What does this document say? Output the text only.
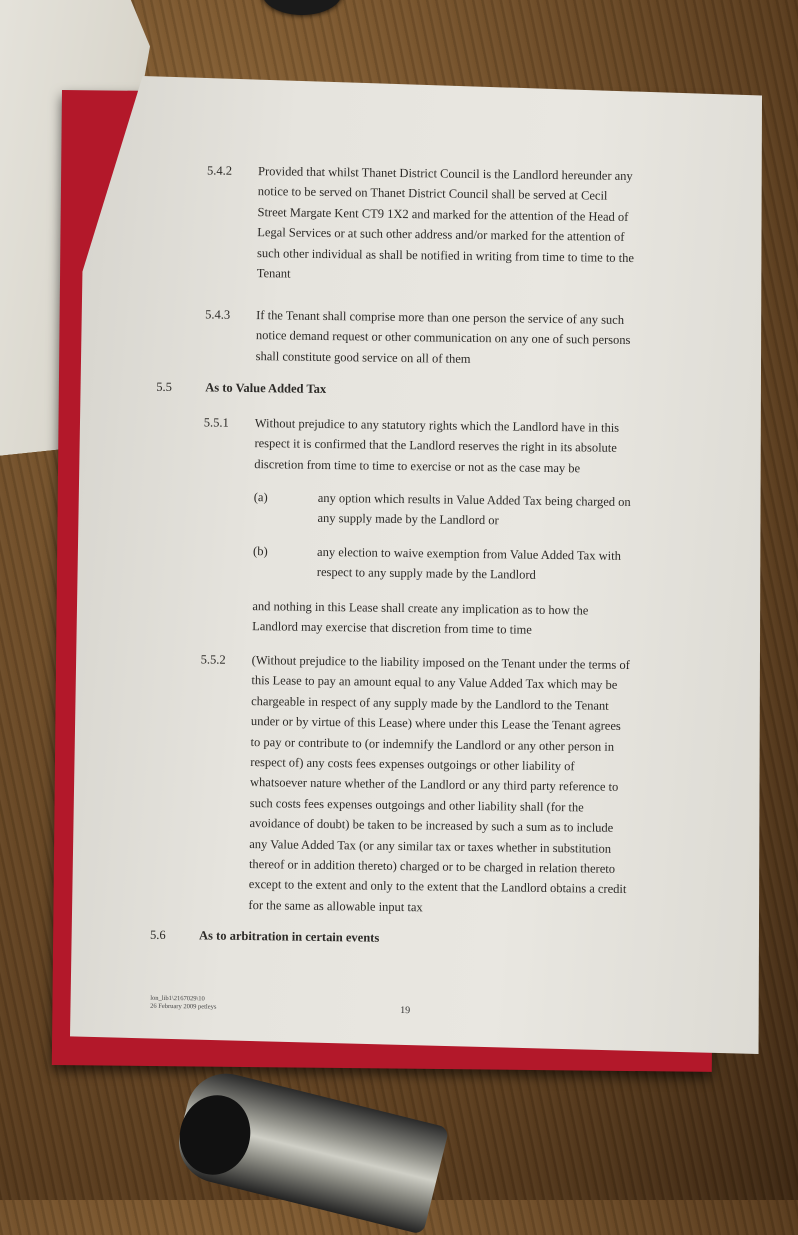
5.4.2 Provided that whilst Thanet District Council is the Landlord hereunder any
notice to be served on Thanet District Council shall be served at Cecil
Street Margate Kent CT9 1X2 and marked for the attention of the Head of
Legal Services or at such other address and/or marked for the attention of
such other individual as shall be notified in writing from time to time to the
Tenant
5.4.3 If the Tenant shall comprise more than one person the service of any such
notice demand request or other communication on any one of such persons
shall constitute good service on all of them
5.5	As to Value Added Tax
5.5.1 Without prejudice to any statutory rights which the Landlord have in this
respect it is confirmed that the Landlord reserves the right in its absolute
discretion from time to time to exercise or not as the case may be
(a)	any option which results in Value Added Tax being charged on
any supply made by the Landlord or
(b)	any election to waive exemption from Value Added Tax with
respect to any supply made by the Landlord
and nothing in this Lease shall create any implication as to how the
Landlord may exercise that discretion from time to time
5.5.2 (Without prejudice to the liability imposed on the Tenant under the terms of
this Lease to pay an amount equal to any Value Added Tax which may be
chargeable in respect of any supply made by the Landlord to the Tenant
under or by virtue of this Lease) where under this Lease the Tenant agrees
to pay or contribute to (or indemnify the Landlord or any other person in
respect of) any costs fees expenses outgoings or other liability of
whatsoever nature whether of the Landlord or any third party reference to
such costs fees expenses outgoings and other liability shall (for the
avoidance of doubt) be taken to be increased by such a sum as to include
any Value Added Tax (or any similar tax or taxes whether in substitution
thereof or in addition thereto) charged or to be charged in relation thereto
except to the extent and only to the extent that the Landlord obtains a credit
for the same as allowable input tax
5.6	As to arbitration in certain events
lon_lib1\2167029\10
26 February 2009 petleys	19
